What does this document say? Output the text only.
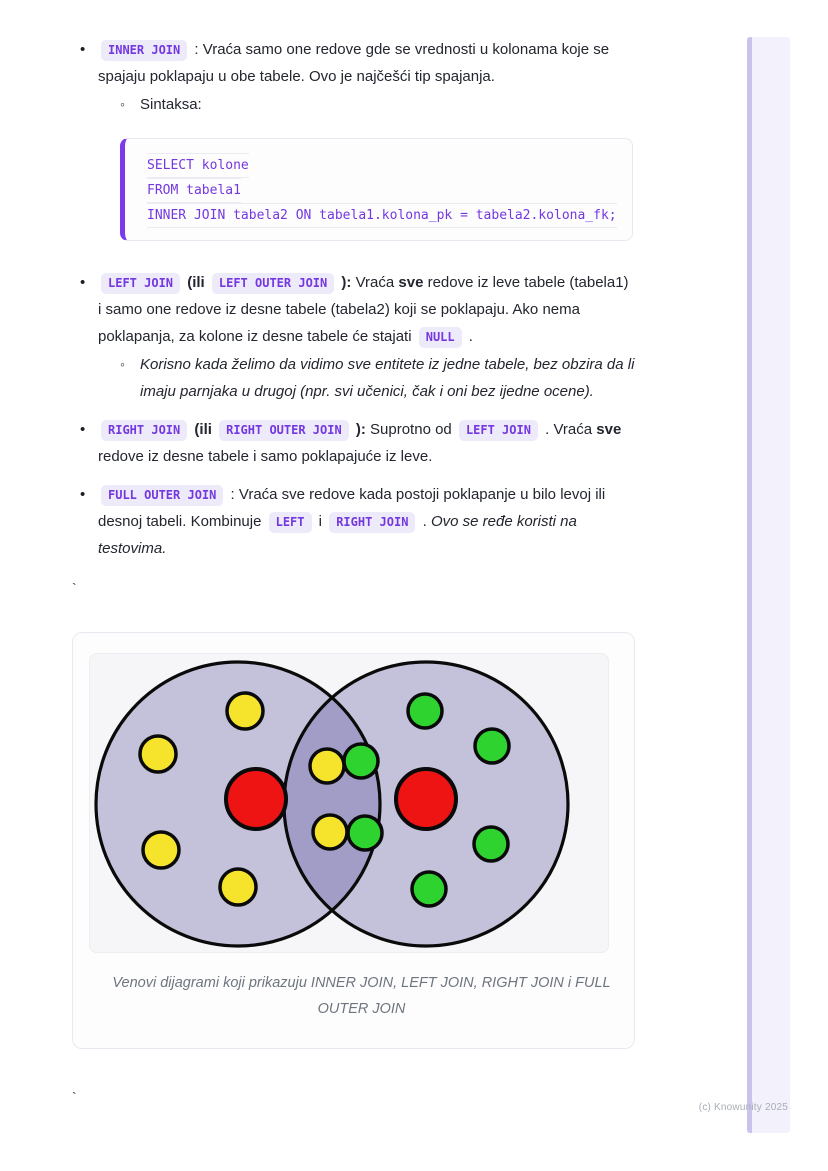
• INNER JOIN : Vraća samo one redove gde se vrednosti u kolonama koje se spajaju poklapaju u obe tabele. Ovo je najčešći tip spajanja.
◦ Sintaksa:
SELECT kolone
FROM tabela1
INNER JOIN tabela2 ON tabela1.kolona_pk = tabela2.kolona_fk;
• LEFT JOIN (ili LEFT OUTER JOIN ): Vraća sve redove iz leve tabele (tabela1) i samo one redove iz desne tabele (tabela2) koji se poklapaju. Ako nema poklapanja, za kolone iz desne tabele će stajati NULL .
◦ Korisno kada želimo da vidimo sve entitete iz jedne tabele, bez obzira da li imaju parnjaka u drugoj (npr. svi učenici, čak i oni bez ijedne ocene).
• RIGHT JOIN (ili RIGHT OUTER JOIN ): Suprotno od LEFT JOIN . Vraća sve redove iz desne tabele i samo poklapajuće iz leve.
• FULL OUTER JOIN : Vraća sve redove kada postoji poklapanje u bilo levoj ili desnoj tabeli. Kombinuje LEFT i RIGHT JOIN . Ovo se ređe koristi na testovima.
`
Venovi dijagrami koji prikazuju INNER JOIN, LEFT JOIN, RIGHT JOIN i FULL OUTER JOIN
`
(c) Knowunity 2025
